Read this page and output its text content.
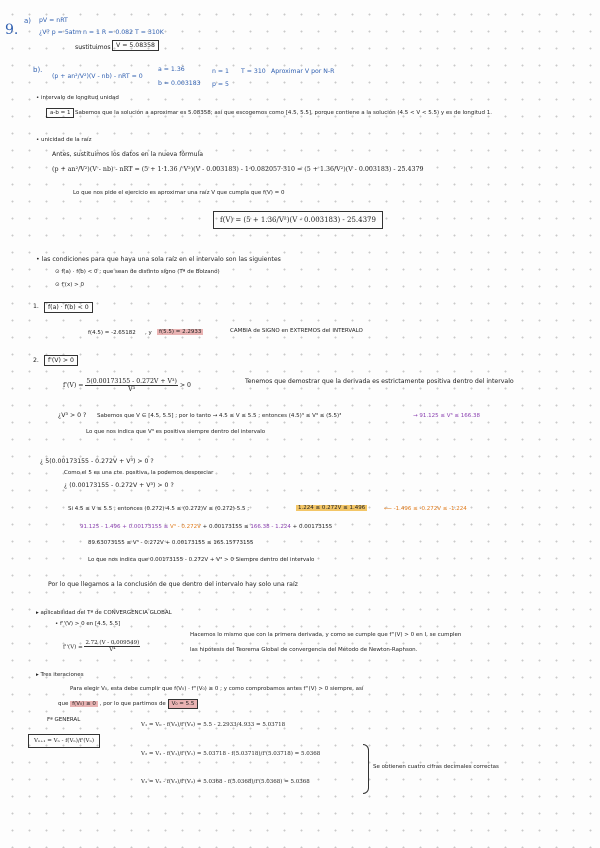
9.
a) pV = nRT
¿V? p = 5atm n = 1 R = 0.082 T = 310K
sustituimos V = 5.08358
b).
(p + an²/V²)(V - nb) - nRT = 0
a = 1.36
b = 0.003183
n = 1
p = 5
T = 310 Aproximar V por N-R
• intervalo de longitud unidad
a-b = 1 Sabemos que la solución a aproximar es 5.08358; así que escogemos como [4.5, 5.5], porque contiene a la solución (4.5 < V < 5.5) y es de longitud 1.
• unicidad de la raíz
Antes, sustituimos los datos en la nueva fórmula
(p + an²/V²)(V - nb) - nRT = (5 + 1·1.36 / V²)(V - 0.003183) - 1·0.082057·310 = (5 + 1.36/V²)(V - 0.003183) - 25.4379
Lo que nos pide el ejercicio es aproximar una raíz V que cumpla que f(V) = 0
f(V) = (5 + 1.36/V²)(V - 0.003183) - 25.4379
• las condiciones para que haya una sola raíz en el intervalo son las siguientes
⊙ f(a) · f(b) < 0 ; que sean de distinto signo (Tª de Bolzano)
⊙ f'(x) > 0
1.	f(a) · f(b) < 0
f(4.5) = -2.65182 , y	f(5.5) = 2.2933	CAMBIA de SIGNO en EXTREMOS del INTERVALO
2.	f'(V) > 0
$f'(V) = \frac{\text{5(0.00173155 - 0.272V + V³)}}{\text{V³}} > 0$
Tenemos que demostrar que la derivada es estrictamente positiva dentro del intervalo
¿V³ > 0 ? Sabemos que V ∈ [4.5, 5.5] ; por lo tanto → 4.5 ≤ V ≤ 5.5 ; entonces (4.5)³ ≤ V³ ≤ (5.5)³	→ 91.125 ≤ V³ ≤ 166.38
Lo que nos indica que V³ es positiva siempre dentro del intervalo
¿ 5(0.00173155 - 0.272V + V³) > 0 ?
Como el 5 es una cte. positiva, la podemos despreciar
¿ (0.00173155 - 0.272V + V³) > 0 ?
Si 4.5 ≤ V ≤ 5.5 , entonces (0.272)·4.5 ≤ (0.272)V ≤ (0.272)·5.5 ;	1.224 ≤ 0.272V ≤ 1.496	⟵ -1.496 ≤ -0.272V ≤ -1.224
91.125 - 1.496 + 0.00173155 ≤ V³ - 0.272V + 0.00173155 ≤ 166.38 - 1.224 + 0.00173155
89.63073155 ≤ V³ - 0.272V + 0.00173155 ≤ 165.15773155
Lo que nos indica que 0.00173155 - 0.272V + V³ > 0 Siempre dentro del intervalo
Por lo que llegamos a la conclusión de que dentro del intervalo hay solo una raíz
▸ aplicabilidad del Tª de CONVERGENCIA GLOBAL
• f''(V) > 0 en [4.5, 5.5]
$f''(V) = \frac{2.72 (V - 0.009549)}{\text{V⁴}}$
Hacemos lo mismo que con la primera derivada, y como se cumple que f''(V) > 0 en I, se cumplen
las hipótesis del Teorema Global de convergencia del Método de Newton-Raphson.
▸ Tres iteraciones
Para elegir V₀, esta debe cumplir que f(V₀) · f''(V₀) ≥ 0 ; y como comprobamos antes f''(V) > 0 siempre, así
que f(V₀) ≥ 0 , por lo que partimos de V₀ = 5.5
Fª GENERAL
Vₙ₊₁ = Vₙ - f(Vₙ)/f'(Vₙ)
V₁ = V₀ - f(V₀)/f'(V₀) = 5.5 - 2.2933/4.933 = 5.03718
V₂ = V₁ - f(V₁)/f'(V₁) = 5.03718 - f(5.03718)/f'(5.03718) = 5.0368
V₃ = V₂ - f(V₂)/f'(V₂) = 5.0368 - f(5.0368)/f'(5.0368) = 5.0368
Se obtienen cuatro cifras decimales correctas
